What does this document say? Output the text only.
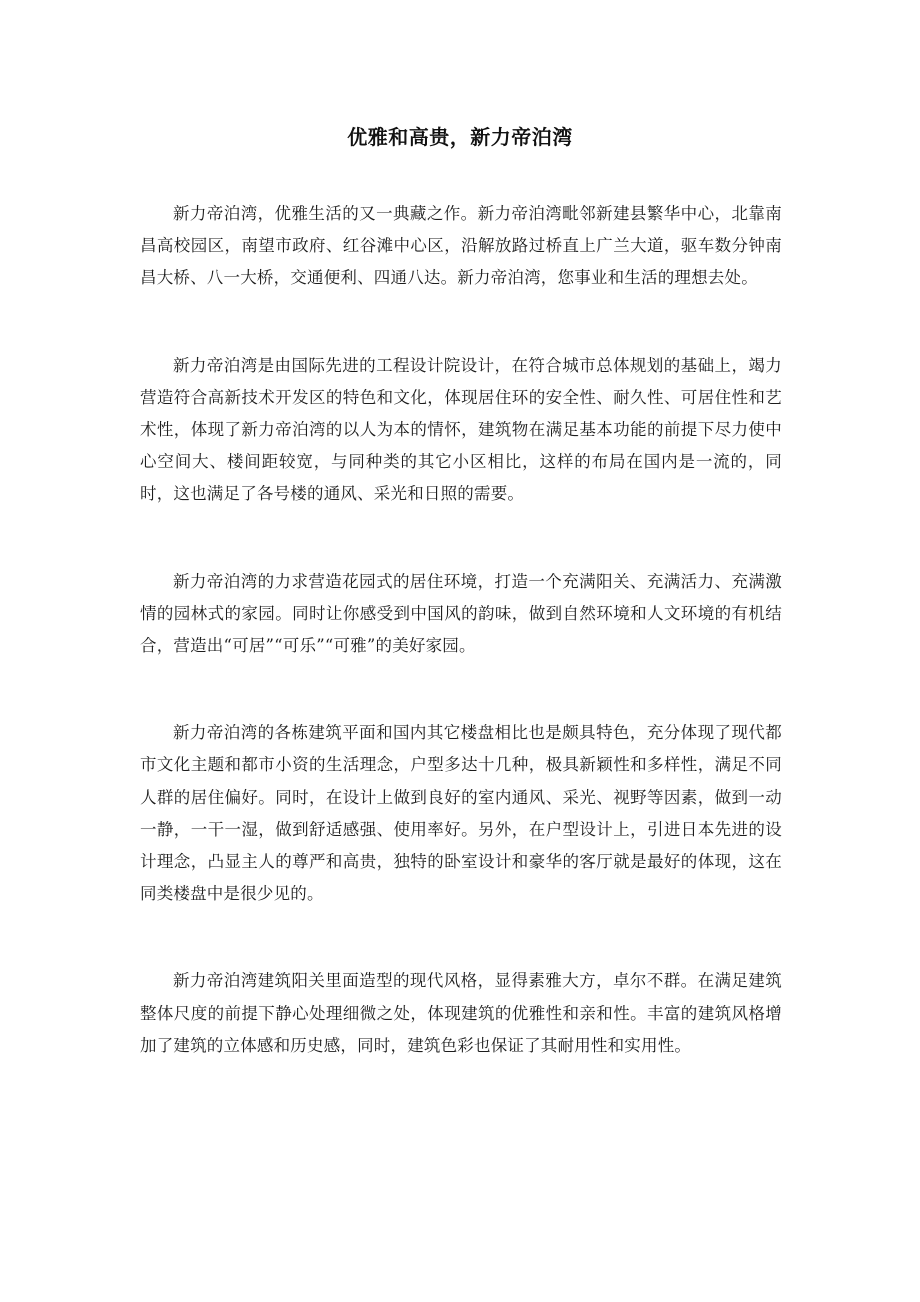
优雅和高贵，新力帝泊湾

新力帝泊湾，优雅生活的又一典藏之作。新力帝泊湾毗邻新建县繁华中心，北靠南昌高校园区，南望市政府、红谷滩中心区，沿解放路过桥直上广兰大道，驱车数分钟南昌大桥、八一大桥，交通便利、四通八达。新力帝泊湾，您事业和生活的理想去处。

新力帝泊湾是由国际先进的工程设计院设计，在符合城市总体规划的基础上，竭力营造符合高新技术开发区的特色和文化，体现居住环的安全性、耐久性、可居住性和艺术性，体现了新力帝泊湾的以人为本的情怀，建筑物在满足基本功能的前提下尽力使中心空间大、楼间距较宽，与同种类的其它小区相比，这样的布局在国内是一流的，同时，这也满足了各号楼的通风、采光和日照的需要。

新力帝泊湾的力求营造花园式的居住环境，打造一个充满阳关、充满活力、充满激情的园林式的家园。同时让你感受到中国风的韵味，做到自然环境和人文环境的有机结合，营造出“可居”“可乐”“可雅”的美好家园。

新力帝泊湾的各栋建筑平面和国内其它楼盘相比也是颇具特色，充分体现了现代都市文化主题和都市小资的生活理念，户型多达十几种，极具新颖性和多样性，满足不同人群的居住偏好。同时，在设计上做到良好的室内通风、采光、视野等因素，做到一动一静，一干一湿，做到舒适感强、使用率好。另外，在户型设计上，引进日本先进的设计理念，凸显主人的尊严和高贵，独特的卧室设计和豪华的客厅就是最好的体现，这在同类楼盘中是很少见的。

新力帝泊湾建筑阳关里面造型的现代风格，显得素雅大方，卓尔不群。在满足建筑整体尺度的前提下静心处理细微之处，体现建筑的优雅性和亲和性。丰富的建筑风格增加了建筑的立体感和历史感，同时，建筑色彩也保证了其耐用性和实用性。
